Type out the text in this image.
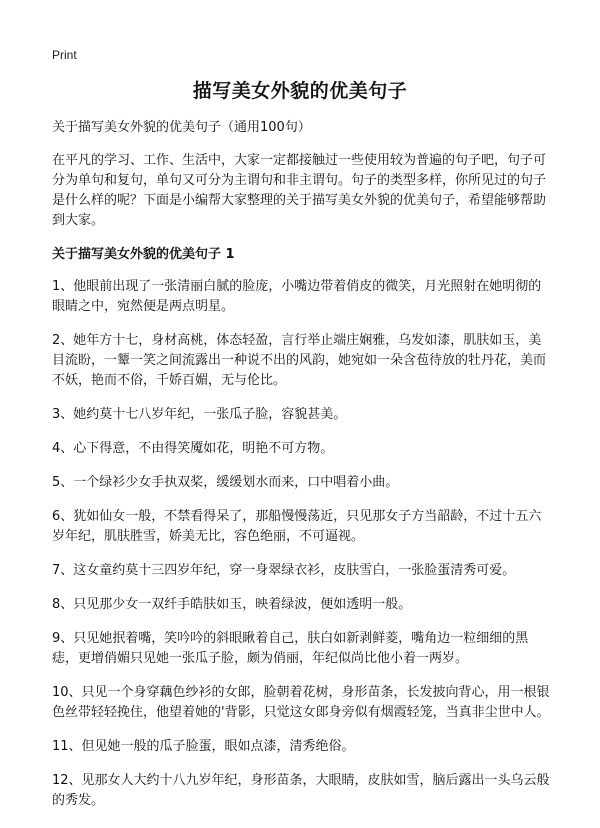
Print
描写美女外貌的优美句子

关于描写美女外貌的优美句子（通用100句）

在平凡的学习、工作、生活中，大家一定都接触过一些使用较为普遍的句子吧，句子可分为单句和复句，单句又可分为主谓句和非主谓句。句子的类型多样，你所见过的句子是什么样的呢？下面是小编帮大家整理的关于描写美女外貌的优美句子，希望能够帮助到大家。

关于描写美女外貌的优美句子 1

1、他眼前出现了一张清丽白腻的脸庞，小嘴边带着俏皮的微笑，月光照射在她明彻的眼睛之中，宛然便是两点明星。

2、她年方十七，身材高桃，体态轻盈，言行举止端庄娴雅，乌发如漆，肌肤如玉，美目流盼，一颦一笑之间流露出一种说不出的风韵，她宛如一朵含苞待放的牡丹花，美而不妖，艳而不俗，千娇百媚，无与伦比。

3、她约莫十七八岁年纪，一张瓜子脸，容貌甚美。

4、心下得意，不由得笑魇如花，明艳不可方物。

5、一个绿衫少女手执双桨，缓缓划水而来，口中唱着小曲。

6、犹如仙女一般，不禁看得呆了，那船慢慢荡近，只见那女子方当韶龄，不过十五六岁年纪，肌肤胜雪，娇美无比，容色绝丽，不可逼视。

7、这女童约莫十三四岁年纪，穿一身翠绿衣衫，皮肤雪白，一张脸蛋清秀可爱。

8、只见那少女一双纤手皓肤如玉，映着绿波，便如透明一般。

9、只见她抿着嘴，笑吟吟的斜眼瞅着自己，肤白如新剥鲜菱，嘴角边一粒细细的黑痣，更增俏媚只见她一张瓜子脸，颇为俏丽，年纪似尚比他小着一两岁。

10、只见一个身穿藕色纱衫的女郎，脸朝着花树，身形苗条，长发披向背心，用一根银色丝带轻轻挽住，他望着她的'背影，只觉这女郎身旁似有烟霞轻笼，当真非尘世中人。

11、但见她一般的瓜子脸蛋，眼如点漆，清秀绝俗。

12、见那女人大约十八九岁年纪，身形苗条，大眼睛，皮肤如雪，脑后露出一头乌云般的秀发。
